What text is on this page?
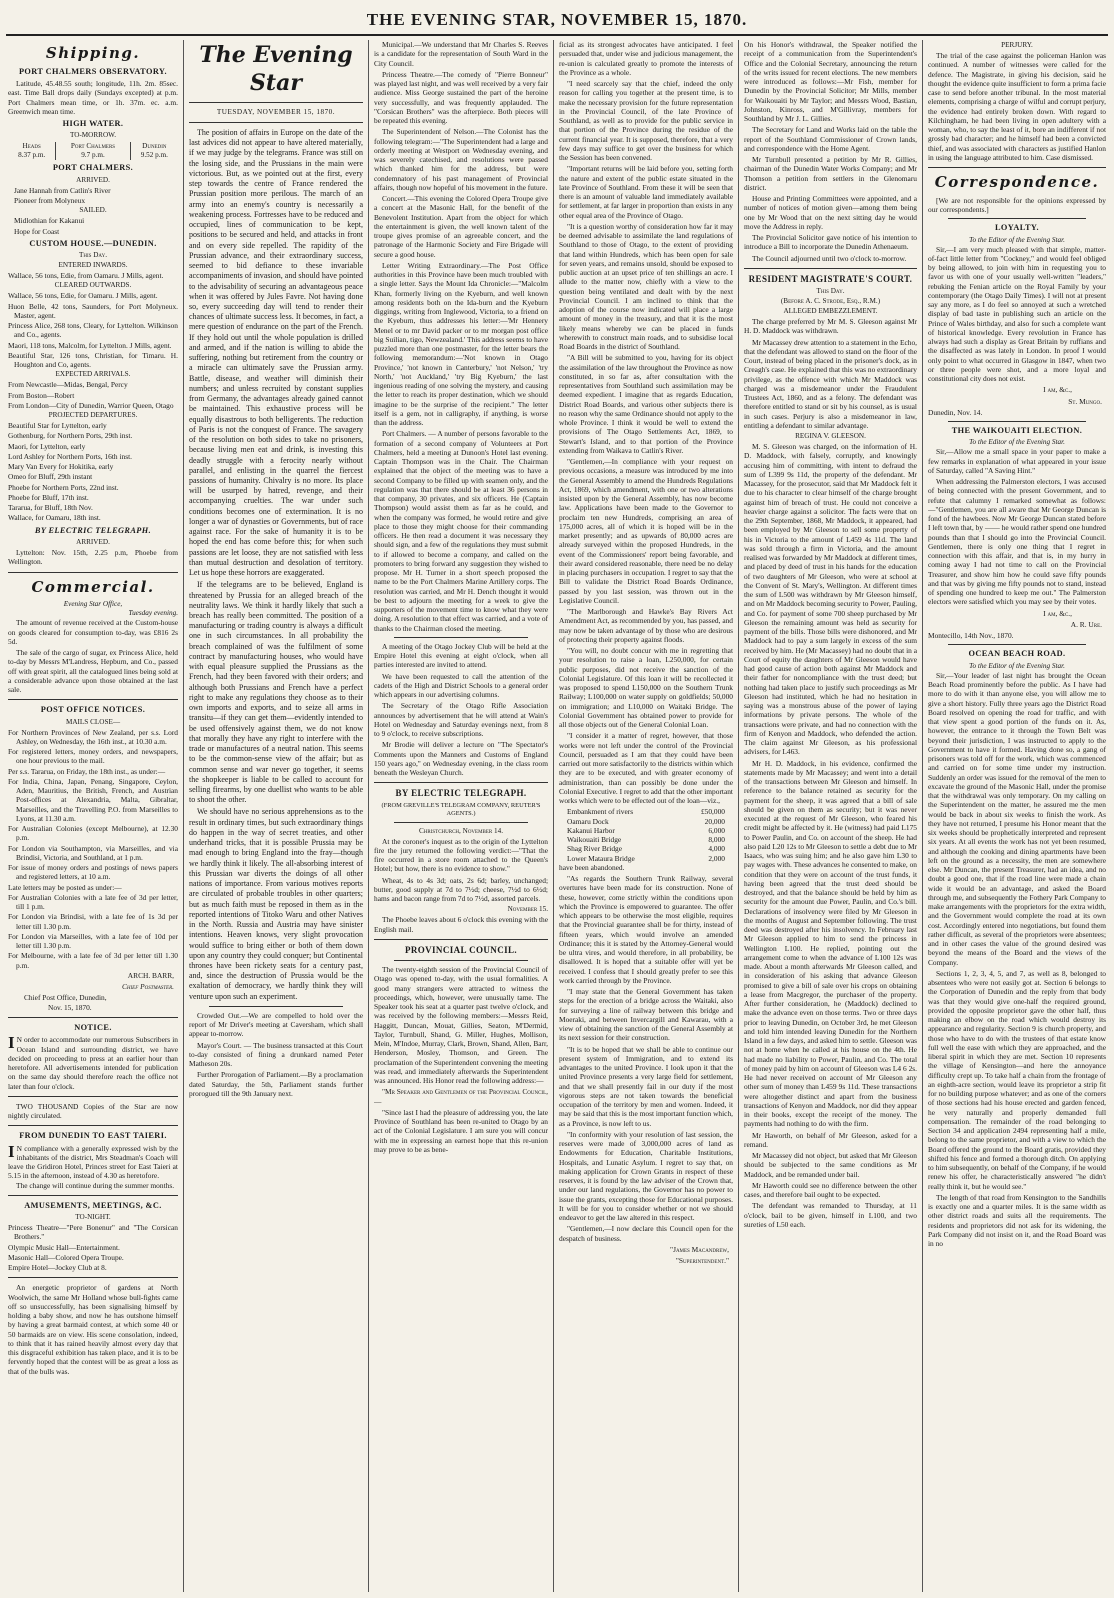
THE EVENING STAR, NOVEMBER 15, 1870.
Shipping.
PORT CHALMERS OBSERVATORY.

Latitude, 45.48.55 south; longitude, 11h. 2m. 85sec. east. Time Ball drops daily (Sundays excepted) at p.m. Port Chalmers mean time, or 1h. 37m. ec. a.m. Greenwich mean time.

HIGH WATER.
TO-MORROW.
Heads
8.37 p.m.	Port Chalmers
9.7 p.m.	Dunedin
9.52 p.m.
PORT CHALMERS.
ARRIVED.
Jane Hannah from Catlin's River
Pioneer from Molyneux
SAILED.
Midlothian for Kakanui
Hope for Coast
CUSTOM HOUSE.—DUNEDIN.
This Day.
ENTERED INWARDS.
Wallace, 56 tons, Edie, from Oamaru. J Mills, agent.
CLEARED OUTWARDS.
Wallace, 56 tons, Edie, for Oamaru. J Mills, agent.
Huon Belle, 42 tons, Saunders, for Port Molyneux. Master, agent.
Princess Alice, 268 tons, Cleary, for Lyttelton. Wilkinson and Co., agents.
Maori, 118 tons, Malcolm, for Lyttelton. J Mills, agent.
Beautiful Star, 126 tons, Christian, for Timaru. H. Houghton and Co, agents.
EXPECTED ARRIVALS.
From Newcastle—Midas, Bengal, Percy
From Boston—Robert
From London—City of Dunedin, Warrior Queen, Otago
PROJECTED DEPARTURES.
Beautiful Star for Lyttelton, early
Gothenburg, for Northern Ports, 29th inst.
Maori, for Lyttelton, early
Lord Ashley for Northern Ports, 16th inst.
Mary Van Every for Hokitika, early
Omeo for Bluff, 29th instant
Phoebe for Northern Ports, 22nd inst.
Phoebe for Bluff, 17th inst.
Tararua, for Bluff, 18th Nov.
Wallace, for Oamaru, 18th inst.
BY ELECTRIC TELEGRAPH.
ARRIVED.

Lyttelton: Nov. 15th, 2.25 p.m, Phoebe from Wellington.

Commercial.
Evening Star Office,
Tuesday evening.

The amount of revenue received at the Custom-house on goods cleared for consumption to-day, was £816 2s 5d.

The sale of the cargo of sugar, ex Princess Alice, held to-day by Messrs M'Landress, Hepburn, and Co., passed off with great spirit, all the catalogued lines being sold at a considerable advance upon those obtained at the last sale.

POST OFFICE NOTICES.
MAILS CLOSE—
For Northern Provinces of New Zealand, per s.s. Lord Ashley, on Wednesday, the 16th inst., at 10.30 a.m.
For registered letters, money orders, and newspapers, one hour previous to the mail.
Per s.s. Tararua, on Friday, the 18th inst., as under:—
For India, China, Japan, Penang, Singapore, Ceylon, Aden, Mauritius, the British, French, and Austrian Post-offices at Alexandria, Malta, Gibraltar, Marseilles, and the Travelling P.O. from Marseilles to Lyons, at 11.30 a.m.
For Australian Colonies (except Melbourne), at 12.30 p.m.
For London via Southampton, via Marseilles, and via Brindisi, Victoria, and Southland, at 1 p.m.
For issue of money orders and postings of news papers and registered letters, at 10 a.m.
Late letters may be posted as under:—
For Australian Colonies with a late fee of 3d per letter, till 1 p.m.
For London via Brindisi, with a late fee of 1s 3d per letter till 1.30 p.m.
For London via Marseilles, with a late fee of 10d per letter till 1.30 p.m.
For Melbourne, with a late fee of 3d per letter till 1.30 p.m.
ARCH. BARR,
Chief Postmaster.
Chief Post Office, Dunedin,
Nov. 15, 1870.
NOTICE.
I N order to accommodate our numerous Subscribers in Ocean Island and surrounding district, we have decided on proceeding to press at an earlier hour than heretofore. All advertisements intended for publication on the same day should therefore reach the office not later than four o'clock.

TWO THOUSAND Copies of the Star are now nightly circulated.

FROM DUNEDIN TO EAST TAIERI.
I N compliance with a generally expressed wish by the inhabitants of the district, Mrs Steadman's Coach will leave the Gridiron Hotel, Princes street for East Taieri at 5.15 in the afternoon, instead of 4.30 as heretofore.

The change will continue during the summer months.

AMUSEMENTS, MEETINGS, &C.
TO-NIGHT.
Princess Theatre—"Pere Bonenur" and "The Corsican Brothers."
Olympic Music Hall—Entertainment.
Masonic Hall—Colored Opera Troupe.
Empire Hotel—Jockey Club at 8.

An energetic proprietor of gardens at North Woolwich, the same Mr Holland whose bull-fights came off so unsuccessfully, has been signalising himself by holding a baby show, and now he has outshone himself by having a great barmaid contest, at which some 40 or 50 barmaids are on view. His scene consolation, indeed, to think that it has rained heavily almost every day that this disgraceful exhibition has taken place, and it is to be fervently hoped that the contest will be as great a loss as that of the bulls was.

The Evening Star
TUESDAY, NOVEMBER 15, 1870.

The position of affairs in Europe on the date of the last advices did not appear to have altered materially, if we may judge by the telegrams. France was still on the losing side, and the Prussians in the main were victorious. But, as we pointed out at the first, every step towards the centre of France rendered the Prussian position more perilous. The march of an army into an enemy's country is necessarily a weakening process. Fortresses have to be reduced and occupied, lines of communication to be kept, positions to be secured and held, and attacks in front and on every side repelled. The rapidity of the Prussian advance, and their extraordinary success, seemed to bid defiance to these invariable accompaniments of invasion, and should have pointed to the advisability of securing an advantageous peace when it was offered by Jules Favre. Not having done so, every succeeding day will tend to render their chances of ultimate success less. It becomes, in fact, a mere question of endurance on the part of the French. If they hold out until the whole population is drilled and armed, and if the nation is willing to abide the suffering, nothing but retirement from the country or a miracle can ultimately save the Prussian army. Battle, disease, and weather will diminish their numbers; and unless recruited by constant supplies from Germany, the advantages already gained cannot be maintained. This exhaustive process will be equally disastrous to both belligerents. The reduction of Paris is not the conquest of France. The savagery of the resolution on both sides to take no prisoners, because living men eat and drink, is investing this deadly struggle with a ferocity nearly without parallel, and enlisting in the quarrel the fiercest passions of humanity. Chivalry is no more. Its place will be usurped by hatred, revenge, and their accompanying cruelties. The war under such conditions becomes one of extermination. It is no longer a war of dynasties or Governments, but of race against race. For the sake of humanity it is to be hoped the end has come before this; for when such passions are let loose, they are not satisfied with less than mutual destruction and desolation of territory. Let us hope these horrors are exaggerated.

If the telegrams are to be believed, England is threatened by Prussia for an alleged breach of the neutrality laws. We think it hardly likely that such a breach has really been committed. The position of a manufacturing or trading country is always a difficult one in such circumstances. In all probability the breach complained of was the fulfilment of some contract by manufacturing houses, who would have with equal pleasure supplied the Prussians as the French, had they been favored with their orders; and although both Prussians and French have a perfect right to make any regulations they choose as to their own imports and exports, and to seize all arms in transitu—if they can get them—evidently intended to be used offensively against them, we do not know that morally they have any right to interfere with the trade or manufactures of a neutral nation. This seems to be the common-sense view of the affair; but as common sense and war never go together, it seems the shopkeeper is liable to be called to account for selling firearms, by one duellist who wants to be able to shoot the other.

We should have no serious apprehensions as to the result in ordinary times, but such extraordinary things do happen in the way of secret treaties, and other underhand tricks, that it is possible Prussia may be mad enough to bring England into the fray—though we hardly think it likely. The all-absorbing interest of this Prussian war diverts the doings of all other nations of importance. From various motives reports are circulated of probable troubles in other quarters; but as much faith must be reposed in them as in the reported intentions of Titoko Waru and other Natives in the North. Russia and Austria may have sinister intentions. Heaven knows, very slight provocation would suffice to bring either or both of them down upon any country they could conquer; but Continental thrones have been rickety seats for a century past, and, since the destruction of Prussia would be the exaltation of democracy, we hardly think they will venture upon such an experiment.

Crowded Out.—We are compelled to hold over the report of Mr Driver's meeting at Caversham, which shall appear to-morrow.

Mayor's Court. — The business transacted at this Court to-day consisted of fining a drunkard named Peter Matheson 20s.

Further Prorogation of Parliament.—By a proclamation dated Saturday, the 5th, Parliament stands further prorogued till the 9th January next.

Municipal.—We understand that Mr Charles S. Reeves is a candidate for the representation of South Ward in the City Council.

Princess Theatre.—The comedy of "Pierre Bonneur" was played last night, and was well received by a very fair audience. Miss George sustained the part of the heroine very successfully, and was frequently applauded. The "Corsican Brothers" was the afterpiece. Both pieces will be repeated this evening.

The Superintendent of Nelson.—The Colonist has the following telegram:—"The Superintendent had a large and orderly meeting at Westport on Wednesday evening, and was severely catechised, and resolutions were passed which thanked him for the address, but were condemnatory of his past management of Provincial affairs, though now hopeful of his movement in the future.

Concert.—This evening the Colored Opera Troupe give a concert at the Masonic Hall, for the benefit of the Benevolent Institution. Apart from the object for which the entertainment is given, the well known talent of the troupe gives promise of an agreeable concert, and the patronage of the Harmonic Society and Fire Brigade will secure a good house.

Letter Writing Extraordinary.—The Post Office authorities in this Province have been much troubled with a single letter. Says the Mount Ida Chronicle:—"Malcolm Khan, formerly living on the Kyeburn, and well known among residents both on the Ida-burn and the Kyeburn diggings, writing from Inglewood, Victoria, to a friend on the Kyeburn, thus addresses his letter:—'Mr Hennery Menel or to mr David packer or to mr morgan post office big Suilian, tigo, Newzealand.' This address seems to have puzzled more than one postmaster, for the letter bears the following memorandum:—'Not known in Otago Province,' 'not known in Canterbury,' 'not Nelson,' 'try North,' 'not Auckland,' 'try Big Kyeburn,' the last ingenious reading of one solving the mystery, and causing the letter to reach its proper destination, which we should imagine to be the surprise of the recipient." The letter itself is a gem, not in calligraphy, if anything, is worse than the address.

Port Chalmers. — A number of persons favorable to the formation of a second company of Volunteers at Port Chalmers, held a meeting at Dunoon's Hotel last evening. Captain Thompson was in the Chair. The Chairman explained that the object of the meeting was to have a second Company to be filled up with seamen only, and the regulation was that there should be at least 36 persons in that company, 30 privates, and six officers. He (Captain Thompson) would assist them as far as he could, and when the company was formed, he would retire and give place to those they might choose for their commanding officers. He then read a document it was necessary they should sign, and a few of the regulations they must submit to if allowed to become a company, and called on the promoters to bring forward any suggestion they wished to propose. Mr H. Turner in a short speech proposed the name to be the Port Chalmers Marine Artillery corps. The resolution was carried, and Mr H. Dench thought it would be best to adjourn the meeting for a week to give the supporters of the movement time to know what they were doing. A resolution to that effect was carried, and a vote of thanks to the Chairman closed the meeting.

A meeting of the Otago Jockey Club will be held at the Empire Hotel this evening at eight o'clock, when all parties interested are invited to attend.

We have been requested to call the attention of the cadets of the High and District Schools to a general order which appears in our advertising columns.

The Secretary of the Otago Rifle Association announces by advertisement that he will attend at Wain's Hotel on Wednesday and Saturday evenings next, from 8 to 9 o'clock, to receive subscriptions.

Mr Brodie will deliver a lecture on "The Spectator's Comments upon the Manners and Customs of England 150 years ago," on Wednesday evening, in the class room beneath the Wesleyan Church.

BY ELECTRIC TELEGRAPH.
(FROM GREVILLE'S TELEGRAM COMPANY, REUTER'S AGENTS.)
Christchurch, November 14.

At the coroner's inquest as to the origin of the Lyttelton fire the jury returned the following verdict:—"That the fire occurred in a store room attached to the Queen's Hotel; but how, there is no evidence to show."

Wheat, 4s to 4s 3d; oats, 2s 6d; barley, unchanged; butter, good supply at 7d to 7½d; cheese, 7½d to 6½d; hams and bacon range from 7d to 7½d, assorted parcels.

November 15.

The Phoebe leaves about 6 o'clock this evening with the English mail.

PROVINCIAL COUNCIL.

The twenty-eighth session of the Provincial Council of Otago was opened to-day, with the usual formalities. A good many strangers were attracted to witness the proceedings, which, however, were unusually tame. The Speaker took his seat at a quarter past twelve o'clock, and was received by the following members:—Messrs Reid, Haggitt, Duncan, Mouat, Gillies, Seaton, M'Dermid, Taylor, Turnbull, Shand, G. Miller, Hughes, Mollison, Mein, M'Indoe, Murray, Clark, Brown, Shand, Allen, Barr, Henderson, Mosley, Thomson, and Green. The proclamation of the Superintendent convening the meeting was read, and immediately afterwards the Superintendent was announced. His Honor read the following address:—

"Mr Speaker and Gentlemen of the Provincial Council,—

"Since last I had the pleasure of addressing you, the late Province of Southland has been re-united to Otago by an act of the Colonial Legislature. I am sure you will concur with me in expressing an earnest hope that this re-union may prove to be as bene-

ficial as its strongest advocates have anticipated. I feel persuaded that, under wise and judicious management, the re-union is calculated greatly to promote the interests of the Province as a whole.

"I need scarcely say that the chief, indeed the only reason for calling you together at the present time, is to make the necessary provision for the future representation in the Provincial Council, of the late Province of Southland, as well as to provide for the public service in that portion of the Province during the residue of the current financial year. It is supposed, therefore, that a very few days may suffice to get over the business for which the Session has been convened.

"Important returns will be laid before you, setting forth the nature and extent of the public estate situated in the late Province of Southland. From these it will be seen that there is an amount of valuable land immediately available for settlement, at far larger in proportion than exists in any other equal area of the Province of Otago.

"It is a question worthy of consideration how far it may be deemed advisable to assimilate the land regulations of Southland to those of Otago, to the extent of providing that land within Hundreds, which has been open for sale for seven years, and remains unsold, should be exposed to public auction at an upset price of ten shillings an acre. I allude to the matter now, chiefly with a view to the question being ventilated and dealt with by the next Provincial Council. I am inclined to think that the adoption of the course now indicated will place a large amount of money in the treasury, and that it is the most likely means whereby we can be placed in funds wherewith to construct main roads, and to subsidise local Road Boards in the district of Southland.

"A Bill will be submitted to you, having for its object the assimilation of the law throughout the Province as now constituted, in so far as, after consultation with the representatives from Southland such assimilation may be deemed expedient. I imagine that as regards Education, District Road Boards, and various other subjects there is no reason why the same Ordinance should not apply to the whole Province. I think it would be well to extend the provisions of The Otago Settlements Act, 1869, to Stewart's Island, and to that portion of the Province extending from Waikava to Catlin's River.

"Gentlemen,—In compliance with your request on previous occasions, a measure was introduced by me into the General Assembly to amend the Hundreds Regulations Act, 1869, which amendment, with one or two alterations insisted upon by the General Assembly, has now become law. Applications have been made to the Governor to proclaim ten new Hundreds, comprising an area of 175,000 acres, all of which it is hoped will be in the market presently; and as upwards of 80,000 acres are already surveyed within the proposed Hundreds, in the event of the Commissioners' report being favorable, and their award considered reasonable, there need be no delay in placing purchasers in occupation. I regret to say that the Bill to validate the District Road Boards Ordinance, passed by you last session, was thrown out in the Legislative Council.

"The Marlborough and Hawke's Bay Rivers Act Amendment Act, as recommended by you, has passed, and may now be taken advantage of by those who are desirous of protecting their property against floods.

"You will, no doubt concur with me in regretting that your resolution to raise a loan, L250,000, for certain public purposes, did not receive the sanction of the Colonial Legislature. Of this loan it will be recollected it was proposed to spend L150,000 on the Southern Trunk Railway; L100,000 on water supply on goldfields; 50,000 on immigration; and L10,000 on Waitaki Bridge. The Colonial Government has obtained power to provide for all those objects out of the General Colonial Loan.

"I consider it a matter of regret, however, that those works were not left under the control of the Provincial Council, persuaded as I am that they could have been carried out more satisfactorily to the districts within which they are to be executed, and with greater economy of administration, than can possibly be done under the Colonial Executive. I regret to add that the other important works which were to be effected out of the loan—viz.,

Embankment of rivers	£50,000
Oamaru Dock	20,000
Kakanui Harbor	6,000
Waikouaiti Bridge	8,000
Shag River Bridge	4,000
Lower Mataura Bridge	2,000

have been abandoned.

"As regards the Southern Trunk Railway, several overtures have been made for its construction. None of these, however, come strictly within the conditions upon which the Province is empowered to guarantee. The offer which appears to be otherwise the most eligible, requires that the Provincial guarantee shall be for thirty, instead of fifteen years, which would involve an amended Ordinance; this it is stated by the Attorney-General would be ultra vires, and would therefore, in all probability, be disallowed. It is hoped that a suitable offer will yet be received. I confess that I should greatly prefer to see this work carried through by the Province.

"I may state that the General Government has taken steps for the erection of a bridge across the Waitaki, also for surveying a line of railway between this bridge and Moeraki, and between Invercargill and Kawarau, with a view of obtaining the sanction of the General Assembly at its next session for their construction.

"It is to be hoped that we shall be able to continue our present system of Immigration, and to extend its advantages to the united Province. I look upon it that the united Province presents a very large field for settlement, and that we shall presently fail in our duty if the most vigorous steps are not taken towards the beneficial occupation of the territory by men and women. Indeed, it may be said that this is the most important function which, as a Province, is now left to us.

"In conformity with your resolution of last session, the reserves were made of 3,000,000 acres of land as Endowments for Education, Charitable Institutions, Hospitals, and Lunatic Asylum. I regret to say that, on making application for Crown Grants in respect of these reserves, it is found by the law adviser of the Crown that, under our land regulations, the Governor has no power to issue the grants, excepting those for Educational purposes. It will be for you to consider whether or not we should endeavor to get the law altered in this respect.

"Gentlemen,—I now declare this Council open for the despatch of business.

"James Macandrew,
"Superintendent."

On his Honor's withdrawal, the Speaker notified the receipt of a communication from the Superintendent's Office and the Colonial Secretary, announcing the return of the writs issued for recent elections. The new members were introduced as follows:—Mr Fish, member for Dunedin by the Provincial Solicitor; Mr Mills, member for Waikouaiti by Mr Taylor; and Messrs Wood, Bastian, Johnston, Kinross, and M'Gillivray, members for Southland by Mr J. L. Gillies.

The Secretary for Land and Works laid on the table the report of the Southland Commissioner of Crown lands, and correspondence with the Home Agent.

Mr Turnbull presented a petition by Mr R. Gillies, chairman of the Dunedin Water Works Company; and Mr Thomson a petition from settlers in the Glenomaru district.

House and Printing Committees were appointed, and a number of notices of motion given—among them being one by Mr Wood that on the next sitting day he would move the Address in reply.

The Provincial Solicitor gave notice of his intention to introduce a Bill to incorporate the Dunedin Athenaeum.

The Council adjourned until two o'clock to-morrow.

RESIDENT MAGISTRATE'S COURT.
This Day.
(Before A. C. Strode, Esq., R.M.)
ALLEGED EMBEZZLEMENT.

The charge preferred by Mr M. S. Gleeson against Mr H. D. Maddock was withdrawn.

Mr Macassey drew attention to a statement in the Echo, that the defendant was allowed to stand on the floor of the Court, instead of being placed in the prisoner's dock, as in Creagh's case. He explained that this was no extraordinary privilege, as the offence with which Mr Maddock was charged was a misdemeanor under the Fraudulent Trustees Act, 1860, and as a felony. The defendant was therefore entitled to stand or sit by his counsel, as is usual in such cases. Perjury is also a misdemeanor in law, entitling a defendant to similar advantage.

REGINA V. GLEESON.

M. S. Gleeson was charged, on the information of H. D. Maddock, with falsely, corruptly, and knowingly accusing him of committing, with intent to defraud the sum of L399 9s 11d, the property of the defendant. Mr Macassey, for the prosecutor, said that Mr Maddock felt it due to his character to clear himself of the charge brought against him of breach of trust. He could not conceive a heavier charge against a solicitor. The facts were that on the 29th September, 1868, Mr Maddock, it appeared, had been employed by Mr Gleeson to sell some property of his in Victoria to the amount of L459 4s 11d. The land was sold through a firm in Victoria, and the amount realised was forwarded by Mr Maddock at different times, and placed by deed of trust in his hands for the education of two daughters of Mr Gleeson, who were at school at the Convent of St. Mary's, Wellington. At different times the sum of L500 was withdrawn by Mr Gleeson himself, and on Mr Maddock becoming security to Power, Pauling, and Co. for payment of some 700 sheep purchased by Mr Gleeson the remaining amount was held as security for payment of the bills. Those bills were dishonored, and Mr Maddock had to pay a sum largely in excess of the sum received by him. He (Mr Macassey) had no doubt that in a Court of equity the daughters of Mr Gleeson would have had good cause of action both against Mr Maddock and their father for noncompliance with the trust deed; but nothing had taken place to justify such proceedings as Mr Gleeson had instituted, which he had no hesitation in saying was a monstrous abuse of the power of laying informations by private persons. The whole of the transactions were private, and had no connection with the firm of Kenyon and Maddock, who defended the action. The claim against Mr Gleeson, as his professional advisers, for L463.

Mr H. D. Maddock, in his evidence, confirmed the statements made by Mr Macassey; and went into a detail of the transactions between Mr Gleeson and himself. In reference to the balance retained as security for the payment for the sheep, it was agreed that a bill of sale should be given on them as security; but it was never executed at the request of Mr Gleeson, who feared his credit might be affected by it. He (witness) had paid L175 to Power Paulin, and Co. on account of the sheep. He had also paid L20 12s to Mr Gleeson to settle a debt due to Mr Isaacs, who was suing him; and he also gave him L30 to pay wages with. These advances he consented to make, on condition that they were on account of the trust funds, it having been agreed that the trust deed should be destroyed, and that the balance should be held by him as security for the amount due Power, Paulin, and Co.'s bill. Declarations of insolvency were filed by Mr Gleeson in the months of August and September following. The trust deed was destroyed after his insolvency. In February last Mr Gleeson applied to him to send the princess in Wellington L100. He replied, pointing out the arrangement come to when the advance of L100 12s was made. About a month afterwards Mr Gleeson called, and in consideration of his asking that advance Gleeson promised to give a bill of sale over his crops on obtaining a lease from Macgregor, the purchaser of the property. After further consideration, he (Maddock) declined to make the advance even on those terms. Two or three days prior to leaving Dunedin, on October 3rd, he met Gleeson and told him intended leaving Dunedin for the Northern Island in a few days, and asked him to settle. Gleeson was not at home when he called at his house on the 4th. He had made no liability to Power, Paulin, and Co. The total of money paid by him on account of Gleeson was L4 6 2s. He had never received on account of Mr Gleeson any other sum of money than L459 9s 11d. These transactions were altogether distinct and apart from the business transactions of Kenyon and Maddock, nor did they appear in their books, except the receipt of the money. The payments had nothing to do with the firm.

Mr Haworth, on behalf of Mr Gleeson, asked for a remand.

Mr Macassey did not object, but asked that Mr Gleeson should be subjected to the same conditions as Mr Maddock, and be remanded under bail.

Mr Haworth could see no difference between the other cases, and therefore bail ought to be expected.

The defendant was remanded to Thursday, at 11 o'clock, bail to be given, himself in L100, and two sureties of L50 each.

PERJURY.

The trial of the case against the policeman Hanlon was continued. A number of witnesses were called for the defence. The Magistrate, in giving his decision, said he thought the evidence quite insufficient to form a prima facie case to send before another tribunal. In the most material elements, comprising a charge of wilful and corrupt perjury, the evidence had entirely broken down. With regard to Kilchingham, he had been living in open adultery with a woman, who, to say the least of it, bore an indifferent if not grossly bad character; and he himself had been a convicted thief, and was associated with characters as justified Hanlon in using the language attributed to him. Case dismissed.

Correspondence.

[We are not responsible for the opinions expressed by our correspondents.]

LOYALTY.
To the Editor of the Evening Star.

Sir,—I am very much pleased with that simple, matter-of-fact little letter from "Cockney," and would feel obliged by being allowed, to join with him in requesting you to favor us with one of your usually well-written "leaders," rebuking the Fenian article on the Royal Family by your contemporary (the Otago Daily Times). I will not at present say any more, as I do feel so annoyed at such a wretched display of bad taste in publishing such an article on the Prince of Wales birthday, and also for such a complete want of historical knowledge. Every revolution in France has always had such a display as Great Britain by ruffians and the disaffected as was lately in London. In proof I would only point to what occurred in Glasgow in 1847, when two or three people were shot, and a more loyal and constitutional city does not exist.

I am, &c.,
St. Mungo.
Dunedin, Nov. 14.
THE WAIKOUAITI ELECTION.
To the Editor of the Evening Star.

Sir,—Allow me a small space in your paper to make a few remarks in explanation of what appeared in your issue of Saturday, called "A Saving Hint."

When addressing the Palmerston electors, I was accused of being connected with the present Government, and to refute that calumny I remarked somewhat as follows:—"Gentlemen, you are all aware that Mr George Duncan is fond of the hawbees. Now Mr George Duncan stated before I left town that, by —— he would rather spend one hundred pounds than that I should go into the Provincial Council. Gentlemen, there is only one thing that I regret in connection with this affair, and that is, in my hurry in coming away I had not time to call on the Provincial Treasurer, and show him how he could save fifty pounds and that was by giving me fifty pounds not to stand, instead of spending one hundred to keep me out." The Palmerston electors were satisfied which you may see by their votes.

I am, &c.,
A. R. Ure.
Montecillo, 14th Nov., 1870.
OCEAN BEACH ROAD.
To the Editor of the Evening Star.

Sir,—Your leader of last night has brought the Ocean Beach Road prominently before the public. As I have had more to do with it than anyone else, you will allow me to give a short history. Fully three years ago the District Road Board resolved on opening the road for traffic, and with that view spent a good portion of the funds on it. As, however, the entrance to it through the Town Belt was beyond their jurisdiction, I was instructed to apply to the Government to have it formed. Having done so, a gang of prisoners was told off for the work, which was commenced and carried on for some time under my instruction. Suddenly an order was issued for the removal of the men to excavate the ground of the Masonic Hall, under the promise that the withdrawal was only temporary. On my calling on the Superintendent on the matter, he assured me the men would be back in about six weeks to finish the work. As they have not returned, I presume his Honor meant that the six weeks should be prophetically interpreted and represent six years. At all events the work has not yet been resumed, and although the cooking and dining apartments have been left on the ground as a necessity, the men are somewhere else. Mr Duncan, the present Treasurer, had an idea, and no doubt a good one, that if the road line were made a chain wide it would be an advantage, and asked the Board through me, and subsequently the Fothery Park Company to make arrangements with the proprietors for the extra width, and the Government would complete the road at its own cost. Accordingly entered into negotiations, but found them rather difficult, as several of the proprietors were absentees; and in other cases the value of the ground desired was beyond the means of the Board and the views of the Company.

Sections 1, 2, 3, 4, 5, and 7, as well as 8, belonged to absentees who were not easily got at. Section 6 belongs to the Corporation of Dunedin and the reply from that body was that they would give one-half the required ground, provided the opposite proprietor gave the other half, thus making an elbow on the road which would destroy its appearance and regularity. Section 9 is church property, and those who have to do with the trustees of that estate know full well the ease with which they are approached, and the liberal spirit in which they are met. Section 10 represents the village of Kensington—and here the annoyance difficulty crept up. To take half a chain from the frontage of an eighth-acre section, would leave its proprietor a strip fit for no building purpose whatever; and as one of the corners of those sections had his house erected and garden fenced, he very naturally and properly demanded full compensation. The remainder of the road belonging to Section 34 and application 2494 representing half a mile, belong to the same proprietor, and with a view to which the Board offered the ground to the Board gratis, provided they shifted his fence and formed a thorough ditch. On applying to him subsequently, on behalf of the Company, if he would renew his offer, he characteristically answered "he didn't really think it, but he would see."

The length of that road from Kensington to the Sandhills is exactly one and a quarter miles. It is the same width as other district roads and suits all the requirements. The residents and proprietors did not ask for its widening, the Park Company did not insist on it, and the Road Board was in no
